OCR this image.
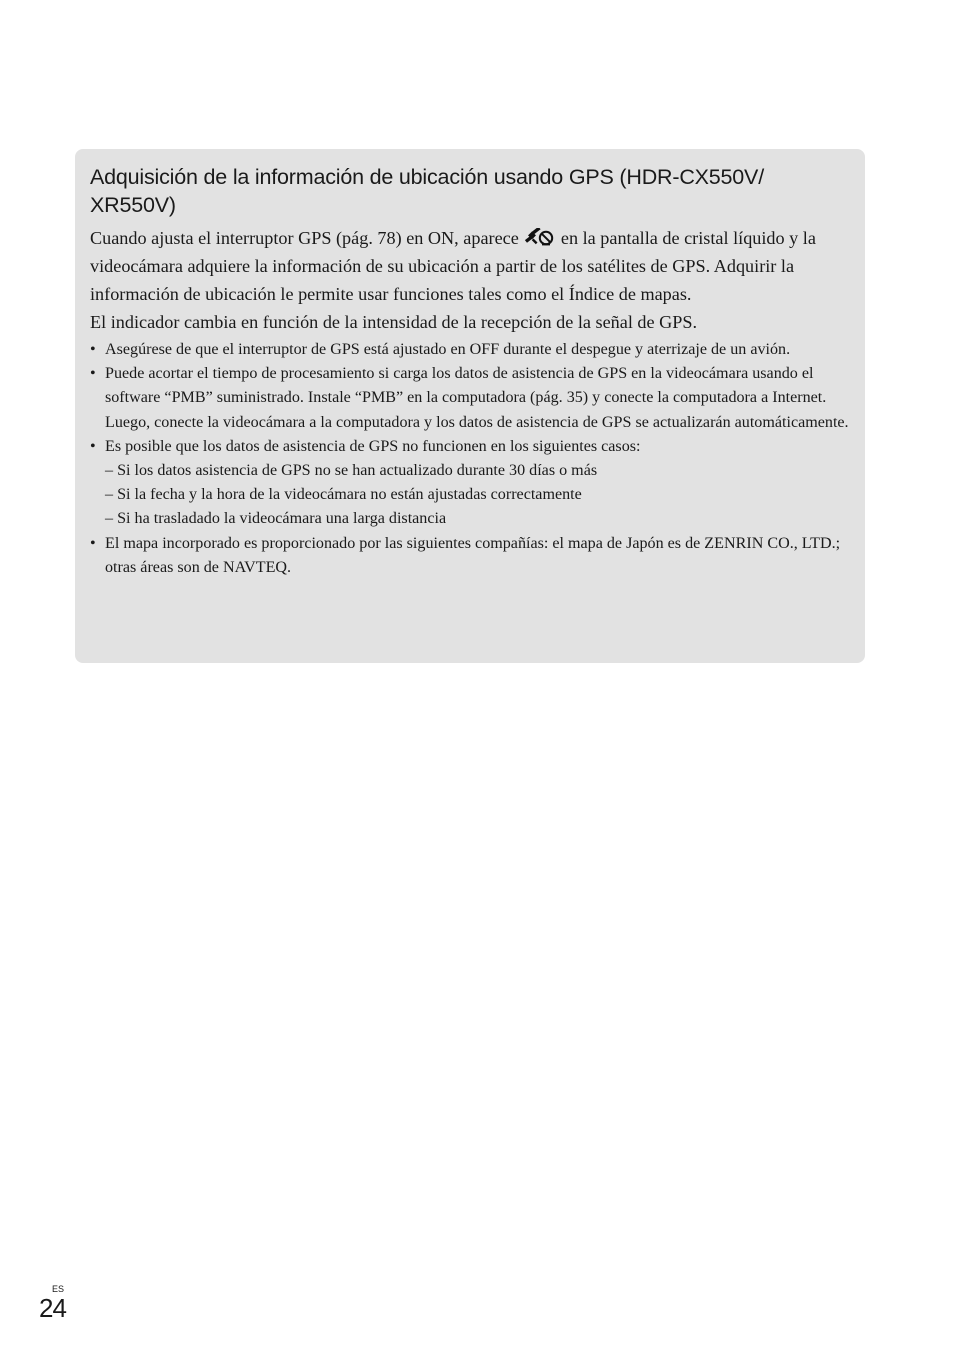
Adquisición de la información de ubicación usando GPS (HDR-CX550V/ XR550V)

Cuando ajusta el interruptor GPS (pág. 78) en ON, aparece  en la pantalla de cristal líquido y la videocámara adquiere la información de su ubicación a partir de los satélites de GPS. Adquirir la información de ubicación le permite usar funciones tales como el Índice de mapas.

El indicador cambia en función de la intensidad de la recepción de la señal de GPS.

• Asegúrese de que el interruptor de GPS está ajustado en OFF durante el despegue y aterrizaje de un avión.
• Puede acortar el tiempo de procesamiento si carga los datos de asistencia de GPS en la videocámara usando el software “PMB” suministrado. Instale “PMB” en la computadora (pág. 35) y conecte la computadora a Internet. Luego, conecte la videocámara a la computadora y los datos de asistencia de GPS se actualizarán automáticamente.
• Es posible que los datos de asistencia de GPS no funcionen en los siguientes casos:
– Si los datos asistencia de GPS no se han actualizado durante 30 días o más
– Si la fecha y la hora de la videocámara no están ajustadas correctamente
– Si ha trasladado la videocámara una larga distancia
• El mapa incorporado es proporcionado por las siguientes compañías: el mapa de Japón es de ZENRIN CO., LTD.; otras áreas son de NAVTEQ.
ES
24
